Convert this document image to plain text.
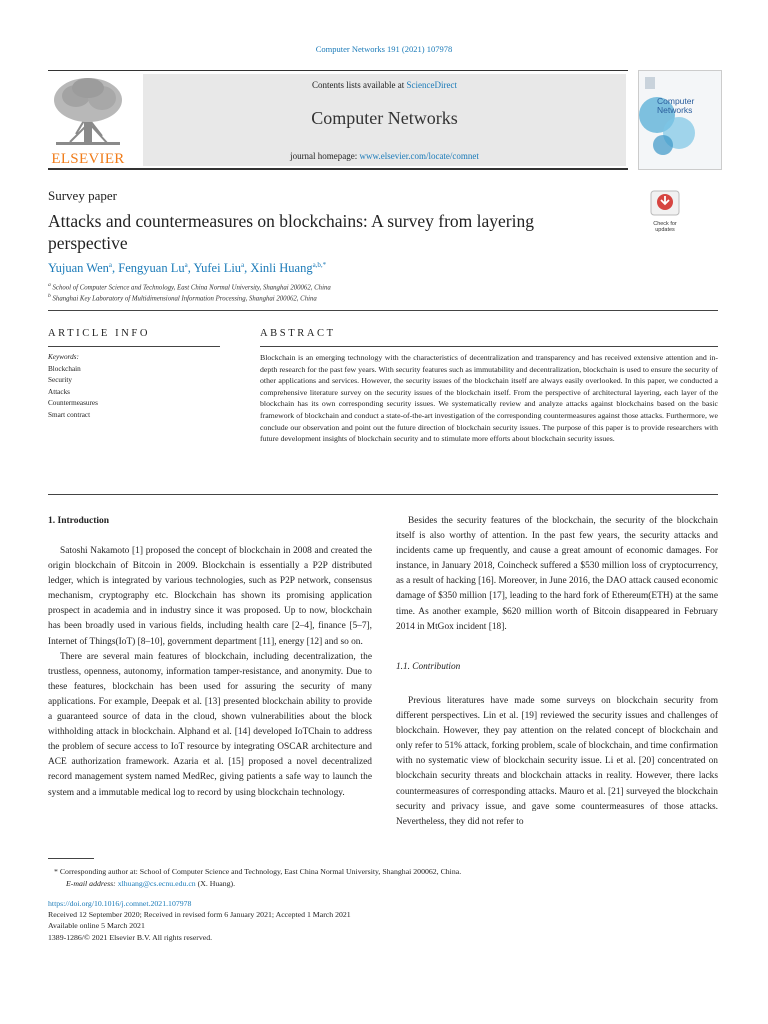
Computer Networks 191 (2021) 107978
ELSEVIER
Contents lists available at ScienceDirect
Computer Networks
journal homepage: www.elsevier.com/locate/comnet
Computer
Networks
Check for
updates
Survey paper
Attacks and countermeasures on blockchains: A survey from layering perspective
Yujuan Wen$^a$, Fengyuan Lu$^a$, Yufei Liu$^a$, Xinli Huang$^{a,b,*}$
$^a$ School of Computer Science and Technology, East China Normal University, Shanghai 200062, China
$^b$ Shanghai Key Laboratory of Multidimensional Information Processing, Shanghai 200062, China
ARTICLE INFO
Keywords:
Blockchain
Security
Attacks
Countermeasures
Smart contract
ABSTRACT
Blockchain is an emerging technology with the characteristics of decentralization and transparency and has received extensive attention and in-depth research for the past few years. With security features such as immutability and decentralization, blockchain is used to ensure the security of other applications and services. However, the security issues of the blockchain itself are always easily overlooked. In this paper, we conducted a comprehensive literature survey on the security issues of the blockchain itself. From the perspective of architectural layering, each layer of the blockchain has its own corresponding security issues. We systematically review and analyze attacks against blockchains based on the basic framework of blockchain and conduct a state-of-the-art investigation of the corresponding countermeasures against those attacks. Furthermore, we conclude our observation and point out the future direction of blockchain security issues. The purpose of this paper is to provide researchers with future development insights of blockchain security and to stimulate more efforts about blockchain security issues.
1. Introduction

Satoshi Nakamoto [1] proposed the concept of blockchain in 2008 and created the origin blockchain of Bitcoin in 2009. Blockchain is essentially a P2P distributed ledger, which is integrated by various technologies, such as P2P network, consensus mechanism, cryptography etc. Blockchain has shown its promising application prospect in academia and in industry since it was proposed. Up to now, blockchain has been broadly used in various fields, including health care [2–4], finance [5–7], Internet of Things(IoT) [8–10], government department [11], energy [12] and so on.

There are several main features of blockchain, including decentralization, the trustless, openness, autonomy, information tamper-resistance, and anonymity. Due to these features, blockchain has been used for assuring the security of many applications. For example, Deepak et al. [13] presented blockchain ability to provide a guaranteed source of data in the cloud, shown vulnerabilities about the block withholding attack in blockchain. Alphand et al. [14] developed IoTChain to address the problem of secure access to IoT resource by integrating OSCAR architecture and ACE authorization framework. Azaria et al. [15] proposed a novel decentralized record management system named MedRec, giving patients a safe way to launch the system and a immutable medical log to record by using blockchain technology.

Besides the security features of the blockchain, the security of the blockchain itself is also worthy of attention. In the past few years, the security attacks and incidents came up frequently, and cause a great amount of economic damages. For instance, in January 2018, Coincheck suffered a $530 million loss of cryptocurrency, as a result of hacking [16]. Moreover, in June 2016, the DAO attack caused economic damage of $350 million [17], leading to the hard fork of Ethereum(ETH) at the same time. As another example, $620 million worth of Bitcoin disappeared in February 2014 in MtGox incident [18].

1.1. Contribution

Previous literatures have made some surveys on blockchain security from different perspectives. Lin et al. [19] reviewed the security issues and challenges of blockchain. However, they pay attention on the related concept of blockchain and only refer to 51% attack, forking problem, scale of blockchain, and time confirmation with no systematic view of blockchain security issue. Li et al. [20] concentrated on blockchain security threats and blockchain attacks in reality. However, there lacks countermeasures of corresponding attacks. Mauro et al. [21] surveyed the blockchain security and privacy issue, and gave some countermeasures of those attacks. Nevertheless, they did not refer to

* Corresponding author at: School of Computer Science and Technology, East China Normal University, Shanghai 200062, China.
E-mail address: xlhuang@cs.ecnu.edu.cn (X. Huang).
https://doi.org/10.1016/j.comnet.2021.107978
Received 12 September 2020; Received in revised form 6 January 2021; Accepted 1 March 2021
Available online 5 March 2021
1389-1286/© 2021 Elsevier B.V. All rights reserved.
